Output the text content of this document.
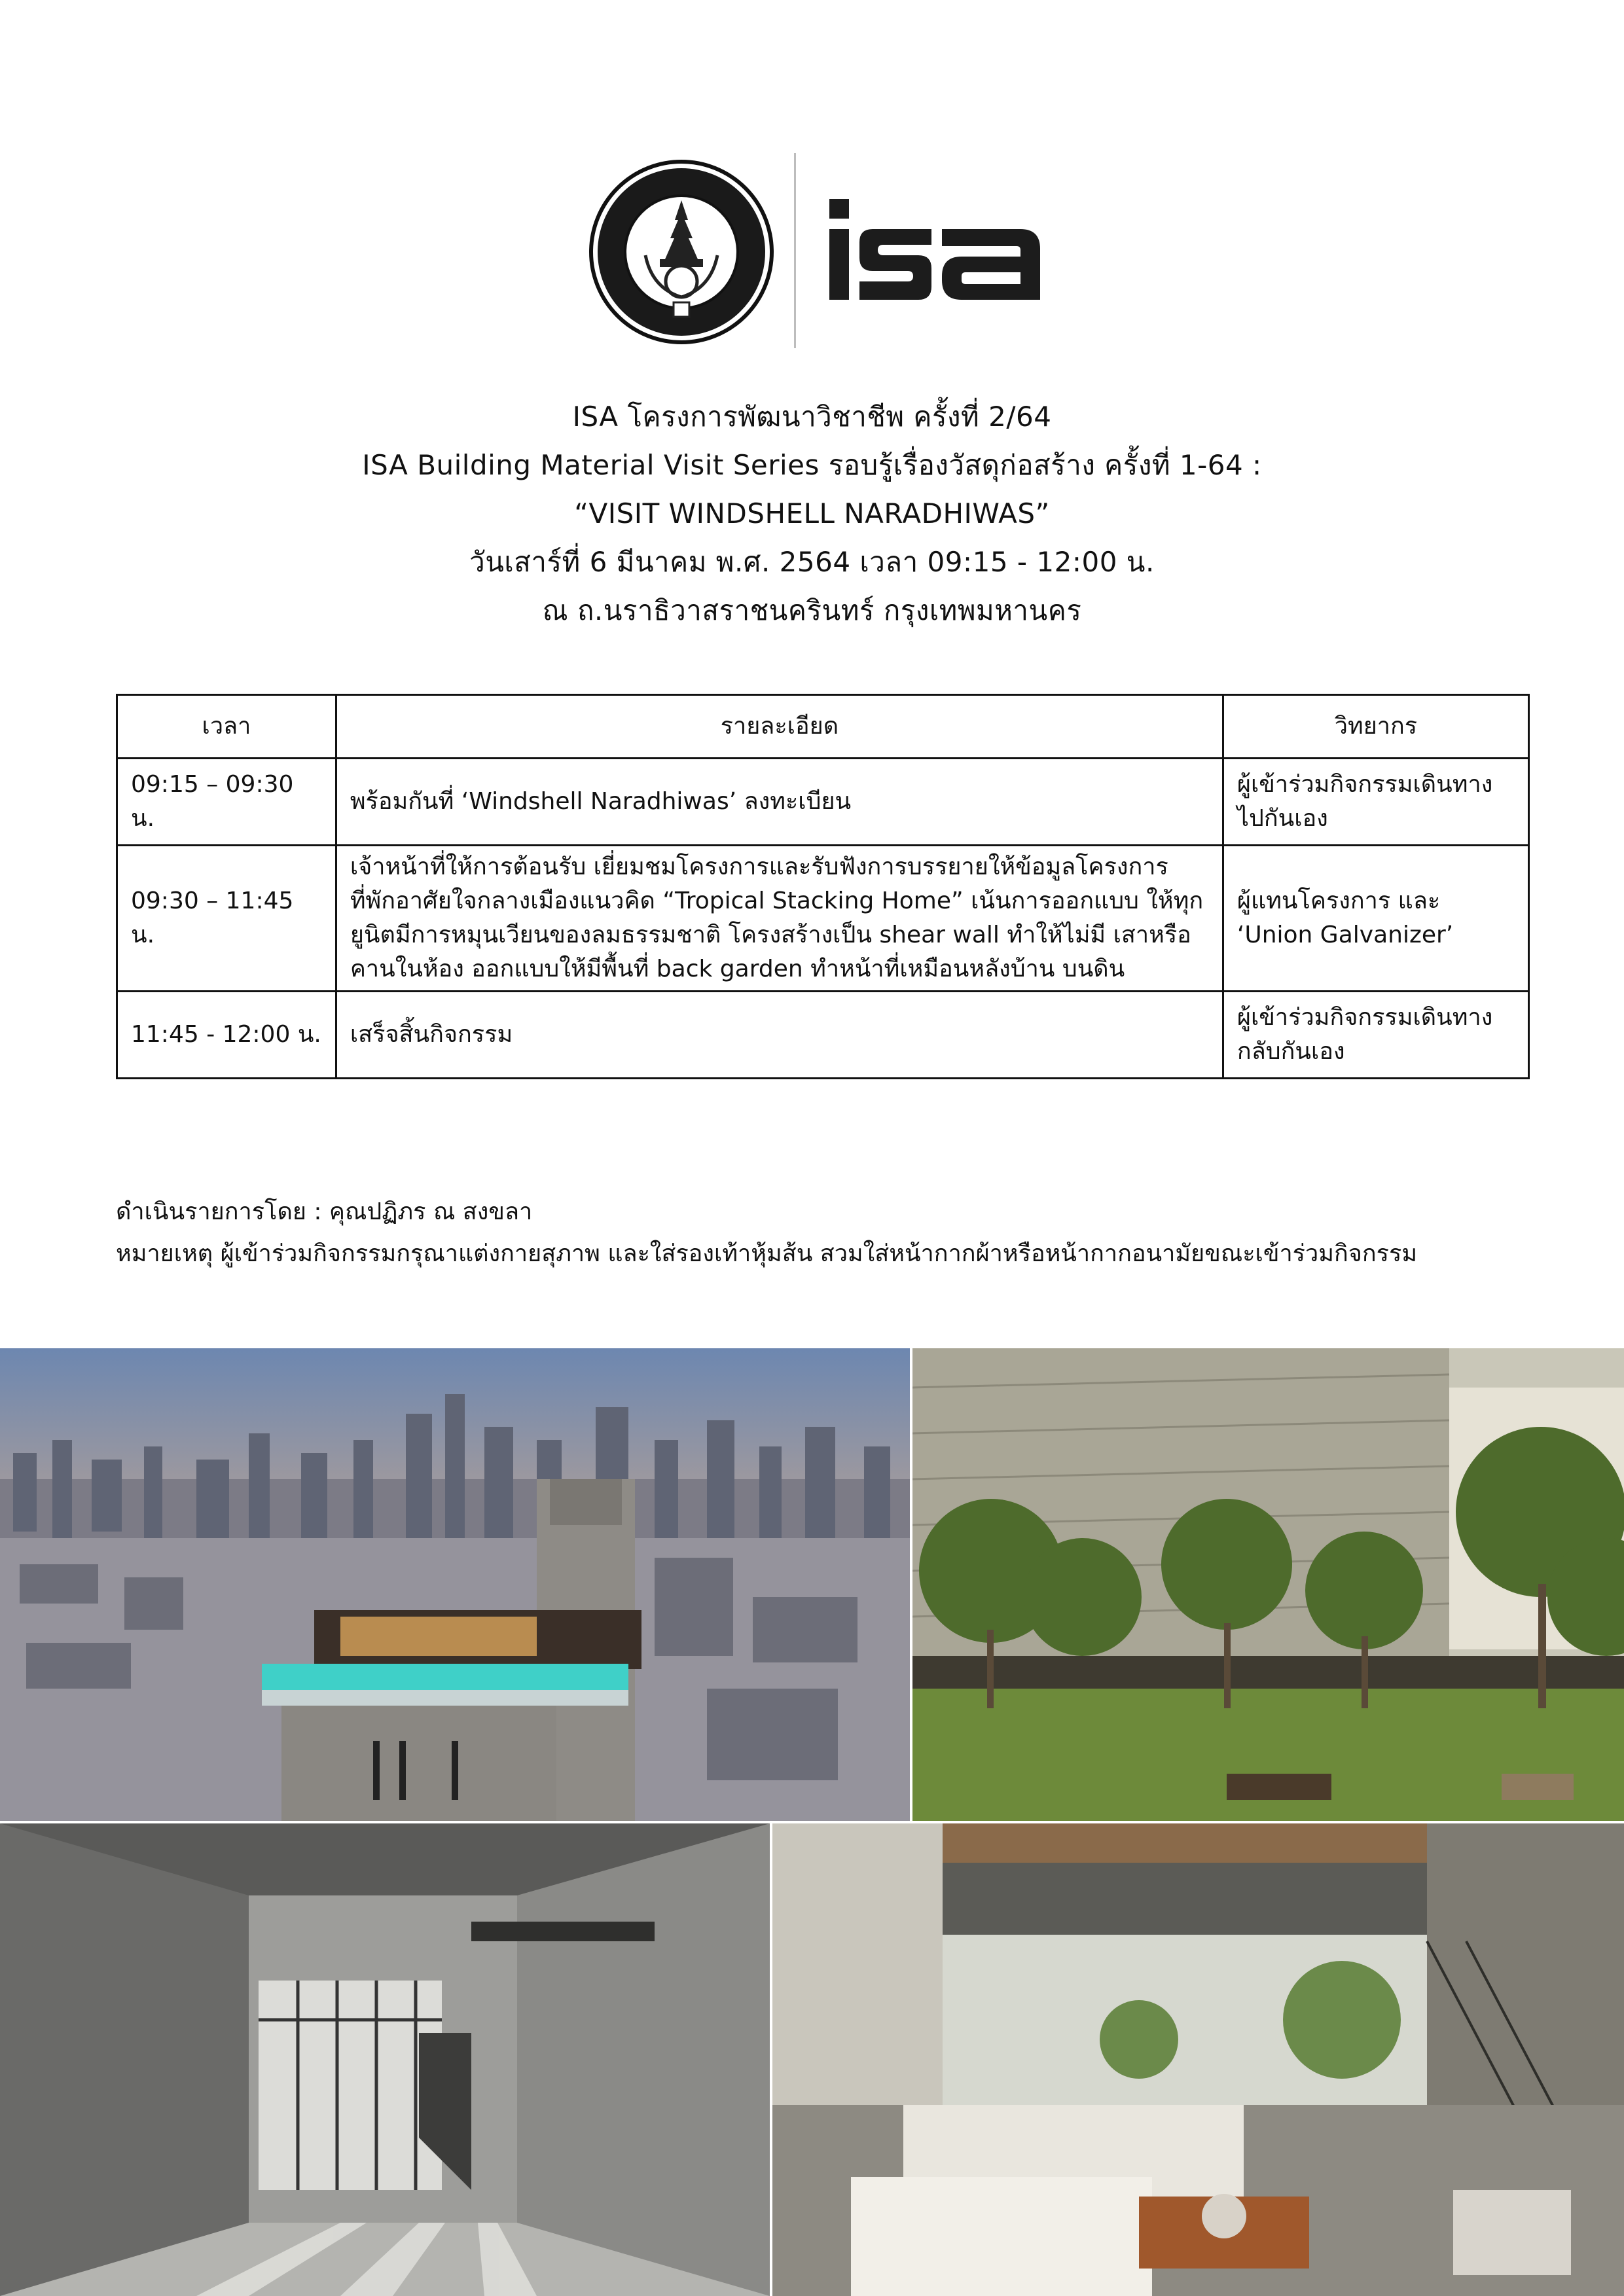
ISA โครงการพัฒนาวิชาชีพ ครั้งที่ 2/64
ISA Building Material Visit Series รอบรู้เรื่องวัสดุก่อสร้าง ครั้งที่ 1-64 :
“VISIT WINDSHELL NARADHIWAS”
วันเสาร์ที่ 6 มีนาคม พ.ศ. 2564 เวลา 09:15 - 12:00 น.
ณ ถ.นราธิวาสราชนครินทร์ กรุงเทพมหานคร
เวลา	รายละเอียด	วิทยากร
09:15 – 09:30 น.	พร้อมกันที่ ‘Windshell Naradhiwas’ ลงทะเบียน	ผู้เข้าร่วมกิจกรรมเดินทาง ไปกันเอง
09:30 – 11:45 น.	เจ้าหน้าที่ให้การต้อนรับ เยี่ยมชมโครงการและรับฟังการบรรยายให้ข้อมูลโครงการ ที่พักอาศัยใจกลางเมืองแนวคิด “Tropical Stacking Home” เน้นการออกแบบ ให้ทุกยูนิตมีการหมุนเวียนของลมธรรมชาติ โครงสร้างเป็น shear wall ทำให้ไม่มี เสาหรือคานในห้อง ออกแบบให้มีพื้นที่ back garden ทำหน้าที่เหมือนหลังบ้าน บนดิน	ผู้แทนโครงการ และ ‘Union Galvanizer’
11:45 - 12:00 น.	เสร็จสิ้นกิจกรรม	ผู้เข้าร่วมกิจกรรมเดินทาง กลับกันเอง
ดำเนินรายการโดย : คุณปฏิภร ณ สงขลา
หมายเหตุ ผู้เข้าร่วมกิจกรรมกรุณาแต่งกายสุภาพ และใส่รองเท้าหุ้มส้น สวมใส่หน้ากากผ้าหรือหน้ากากอนามัยขณะเข้าร่วมกิจกรรม
